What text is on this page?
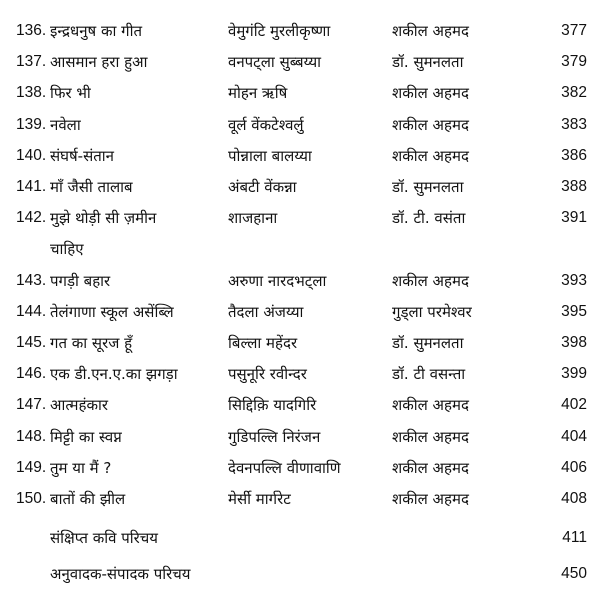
136. इन्द्रधनुष का गीत	वेमुगंटि मुरलीकृष्णा	शकील अहमद	377
137. आसमान हरा हुआ	वनपट्ला सुब्बय्या	डॉ. सुमनलता	379
138. फिर भी	मोहन ऋषि	शकील अहमद	382
139. नवेला	वूर्ल वेंकटेश्वर्लु	शकील अहमद	383
140. संघर्ष-संतान	पोन्नाला बालय्या	शकील अहमद	386
141. माँ जैसी तालाब	अंबटी वेंकन्ना	डॉ. सुमनलता	388
142. मुझे थोड़ी सी ज़मीन	शाजहाना	डॉ. टी. वसंता	391
चाहिए
143. पगड़ी बहार	अरुणा नारदभट्ला	शकील अहमद	393
144. तेलंगाणा स्कूल असेंब्लि	तैदला अंजय्या	गुड्ला परमेश्वर	395
145. गत का सूरज हूँ	बिल्ला महेंदर	डॉ. सुमनलता	398
146. एक डी.एन.ए.का झगड़ा	पसुनूरि रवीन्दर	डॉ. टी वसन्ता	399
147. आत्महंकार	सिद्दिक़ि यादगिरि	शकील अहमद	402
148. मिट्टी का स्वप्न	गुडिपल्लि निरंजन	शकील अहमद	404
149. तुम या मैं ?	देवनपल्लि वीणावाणि	शकील अहमद	406
150. बातों की झील	मेर्सी मार्गरेट	शकील अहमद	408
संक्षिप्त कवि परिचय	411
अनुवादक-संपादक परिचय	450
